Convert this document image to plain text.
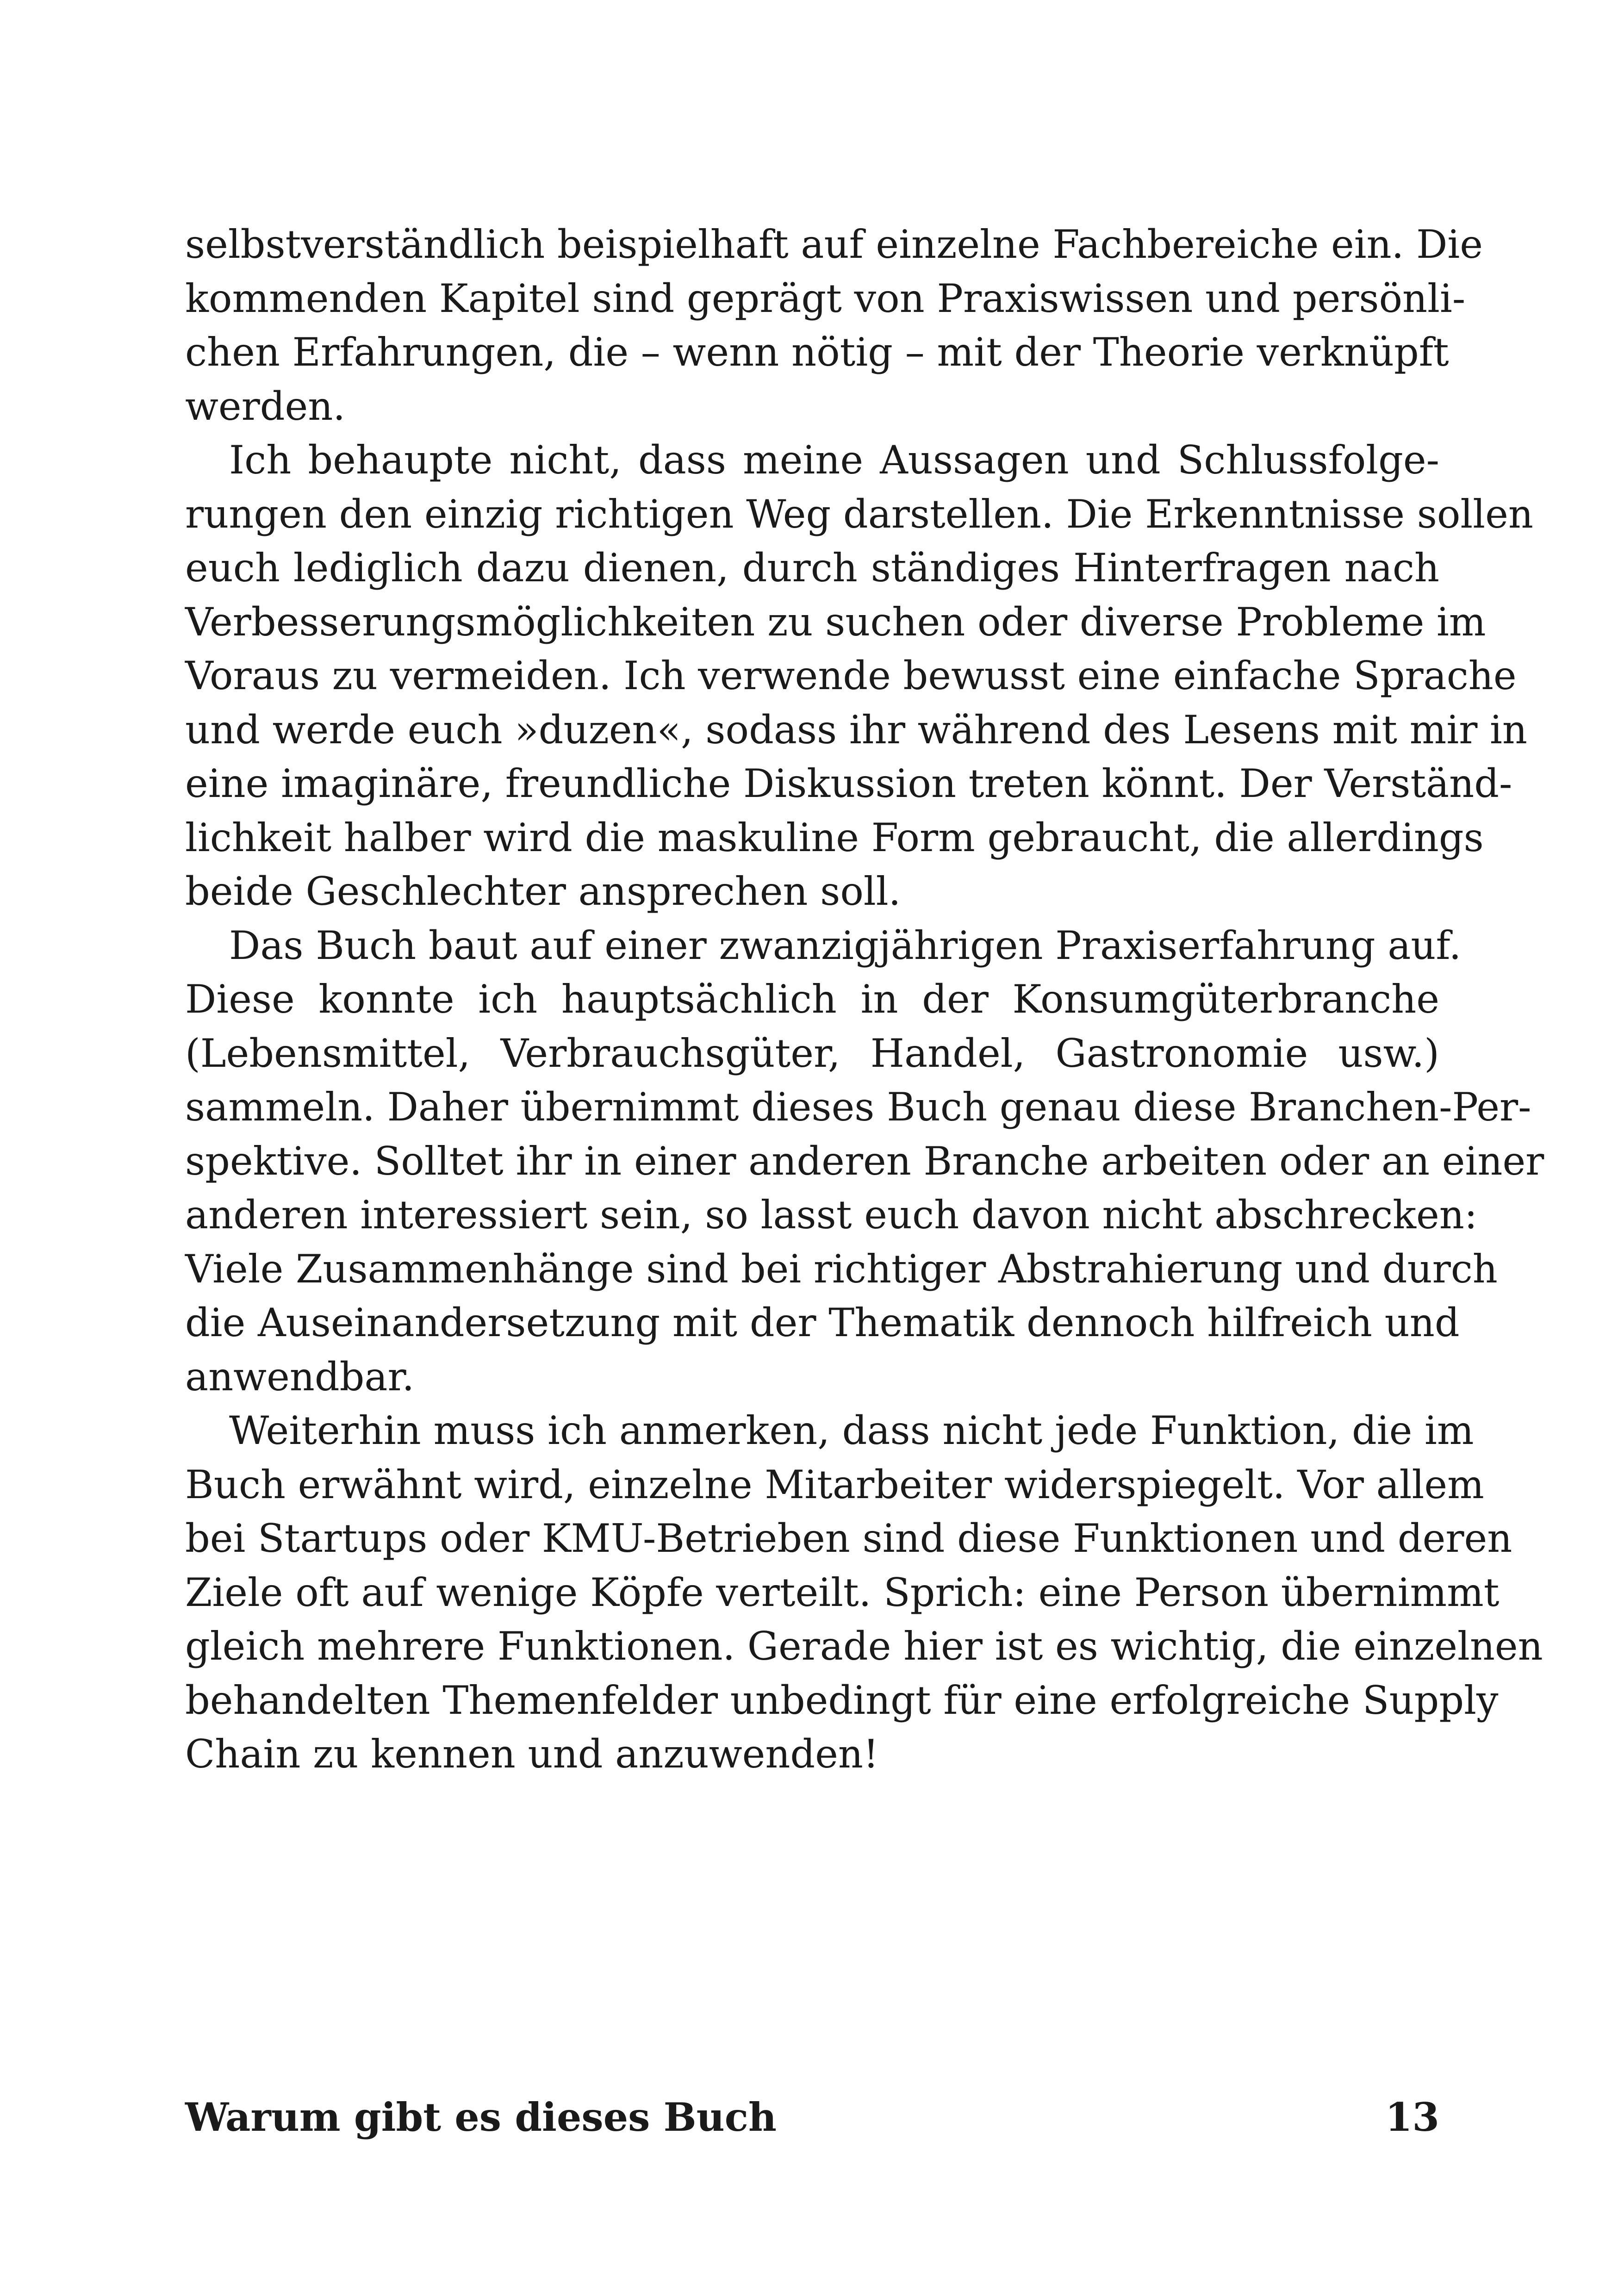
selbstverständlich beispielhaft auf einzelne Fachbereiche ein. Die
kommenden Kapitel sind geprägt von Praxiswissen und persönli-
chen Erfahrungen, die – wenn nötig – mit der Theorie verknüpft
werden.
Ich behaupte nicht, dass meine Aussagen und Schlussfolge-
rungen den einzig richtigen Weg darstellen. Die Erkenntnisse sollen
euch lediglich dazu dienen, durch ständiges Hinterfragen nach
Verbesserungsmöglichkeiten zu suchen oder diverse Probleme im
Voraus zu vermeiden. Ich verwende bewusst eine einfache Sprache
und werde euch »duzen«, sodass ihr während des Lesens mit mir in
eine imaginäre, freundliche Diskussion treten könnt. Der Verständ-
lichkeit halber wird die maskuline Form gebraucht, die allerdings
beide Geschlechter ansprechen soll.
Das Buch baut auf einer zwanzigjährigen Praxiserfahrung auf.
Diese konnte ich hauptsächlich in der Konsumgüterbranche
(Lebensmittel, Verbrauchsgüter, Handel, Gastronomie usw.)
sammeln. Daher übernimmt dieses Buch genau diese Branchen-Per-
spektive. Solltet ihr in einer anderen Branche arbeiten oder an einer
anderen interessiert sein, so lasst euch davon nicht abschrecken:
Viele Zusammenhänge sind bei richtiger Abstrahierung und durch
die Auseinandersetzung mit der Thematik dennoch hilfreich und
anwendbar.
Weiterhin muss ich anmerken, dass nicht jede Funktion, die im
Buch erwähnt wird, einzelne Mitarbeiter widerspiegelt. Vor allem
bei Startups oder KMU-Betrieben sind diese Funktionen und deren
Ziele oft auf wenige Köpfe verteilt. Sprich: eine Person übernimmt
gleich mehrere Funktionen. Gerade hier ist es wichtig, die einzelnen
behandelten Themenfelder unbedingt für eine erfolgreiche Supply
Chain zu kennen und anzuwenden!
Warum gibt es dieses Buch	13
